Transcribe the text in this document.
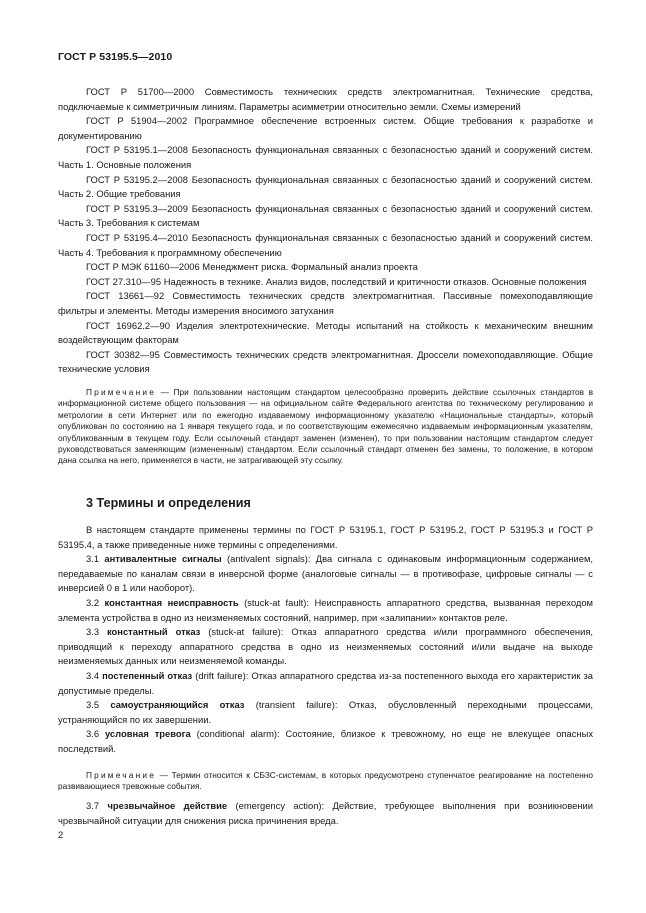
ГОСТ Р 53195.5—2010

ГОСТ Р 51700—2000 Совместимость технических средств электромагнитная. Технические средства, подключаемые к симметричным линиям. Параметры асимметрии относительно земли. Схемы измерений

ГОСТ Р 51904—2002 Программное обеспечение встроенных систем. Общие требования к разработке и документированию

ГОСТ Р 53195.1—2008 Безопасность функциональная связанных с безопасностью зданий и сооружений систем. Часть 1. Основные положения

ГОСТ Р 53195.2—2008 Безопасность функциональная связанных с безопасностью зданий и сооружений систем. Часть 2. Общие требования

ГОСТ Р 53195.3—2009 Безопасность функциональная связанных с безопасностью зданий и сооружений систем. Часть 3. Требования к системам

ГОСТ Р 53195.4—2010 Безопасность функциональная связанных с безопасностью зданий и сооружений систем. Часть 4. Требования к программному обеспечению

ГОСТ Р МЭК 61160—2006 Менеджмент риска. Формальный анализ проекта

ГОСТ 27.310—95 Надежность в технике. Анализ видов, последствий и критичности отказов. Основные положения

ГОСТ 13661—92 Совместимость технических средств электромагнитная. Пассивные помехоподавляющие фильтры и элементы. Методы измерения вносимого затухания

ГОСТ 16962.2—90 Изделия электротехнические. Методы испытаний на стойкость к механическим внешним воздействующим факторам

ГОСТ 30382—95 Совместимость технических средств электромагнитная. Дроссели помехоподавляющие. Общие технические условия

Примечание — При пользовании настоящим стандартом целесообразно проверить действие ссылочных стандартов в информационной системе общего пользования — на официальном сайте Федерального агентства по техническому регулированию и метрологии в сети Интернет или по ежегодно издаваемому информационному указателю «Национальные стандарты», который опубликован по состоянию на 1 января текущего года, и по соответствующим ежемесячно издаваемым информационным указателям, опубликованным в текущем году. Если ссылочный стандарт заменен (изменен), то при пользовании настоящим стандартом следует руководствоваться заменяющим (измененным) стандартом. Если ссылочный стандарт отменен без замены, то положение, в котором дана ссылка на него, применяется в части, не затрагивающей эту ссылку.

3 Термины и определения

В настоящем стандарте применены термины по ГОСТ Р 53195.1, ГОСТ Р 53195.2, ГОСТ Р 53195.3 и ГОСТ Р 53195.4, а также приведенные ниже термины с определениями.

3.1 антивалентные сигналы (antivalent signals): Два сигнала с одинаковым информационным содержанием, передаваемые по каналам связи в инверсной форме (аналоговые сигналы — в противофазе, цифровые сигналы — с инверсией 0 в 1 или наоборот).

3.2 константная неисправность (stuck-at fault): Неисправность аппаратного средства, вызванная переходом элемента устройства в одно из неизменяемых состояний, например, при «залипании» контактов реле.

3.3 константный отказ (stuck-at failure): Отказ аппаратного средства и/или программного обеспечения, приводящий к переходу аппаратного средства в одно из неизменяемых состояний и/или выдаче на выходе неизменяемых данных или неизменяемой команды.

3.4 постепенный отказ (drift failure): Отказ аппаратного средства из-за постепенного выхода его характеристик за допустимые пределы.

3.5 самоустраняющийся отказ (transient failure): Отказ, обусловленный переходными процессами, устраняющийся по их завершении.

3.6 условная тревога (conditional alarm): Состояние, близкое к тревожному, но еще не влекущее опасных последствий.

Примечание — Термин относится к СБЗС-системам, в которых предусмотрено ступенчатое реагирование на постепенно развивающиеся тревожные события.

3.7 чрезвычайное действие (emergency action): Действие, требующее выполнения при возникновении чрезвычайной ситуации для снижения риска причинения вреда.

2
